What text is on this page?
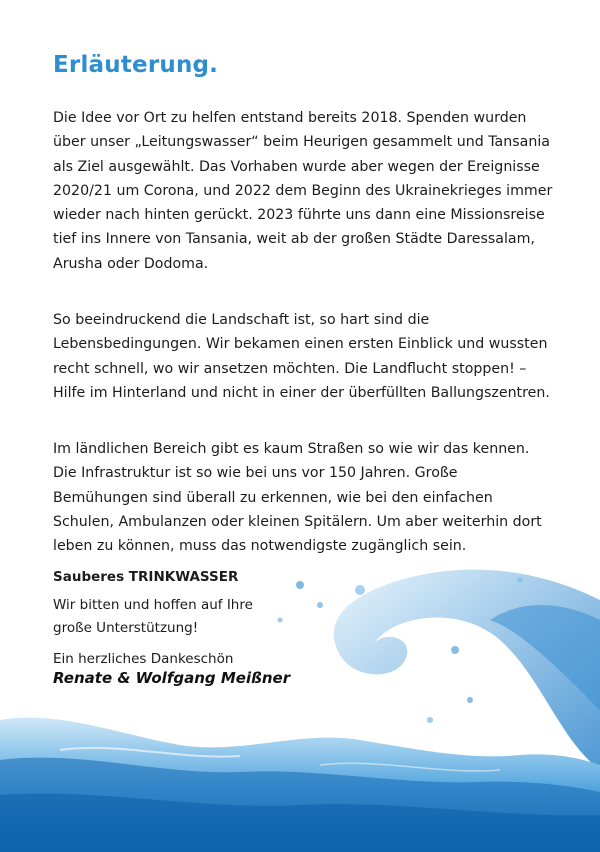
Erläuterung.

Die Idee vor Ort zu helfen entstand bereits 2018. Spenden wurden über unser „Leitungswasser“ beim Heurigen gesammelt und Tansania als Ziel ausgewählt. Das Vorhaben wurde aber wegen der Ereignisse 2020/21 um Corona, und 2022 dem Beginn des Ukrainekrieges immer wieder nach hinten gerückt. 2023 führte uns dann eine Missionsreise tief ins Innere von Tansania, weit ab der großen Städte Daressalam, Arusha oder Dodoma.

So beeindruckend die Landschaft ist, so hart sind die Lebensbedingungen. Wir bekamen einen ersten Einblick und wussten recht schnell, wo wir ansetzen möchten. Die Landflucht stoppen! – Hilfe im Hinterland und nicht in einer der überfüllten Ballungszentren.

Im ländlichen Bereich gibt es kaum Straßen so wie wir das kennen. Die Infrastruktur ist so wie bei uns vor 150 Jahren. Große Bemühungen sind überall zu erkennen, wie bei den einfachen Schulen, Ambulanzen oder kleinen Spitälern. Um aber weiterhin dort leben zu können, muss das notwendigste zugänglich sein.

Sauberes TRINKWASSER

Wir bitten und hoffen auf Ihre

große Unterstützung!

Ein herzliches Dankeschön

Renate & Wolfgang Meißner
